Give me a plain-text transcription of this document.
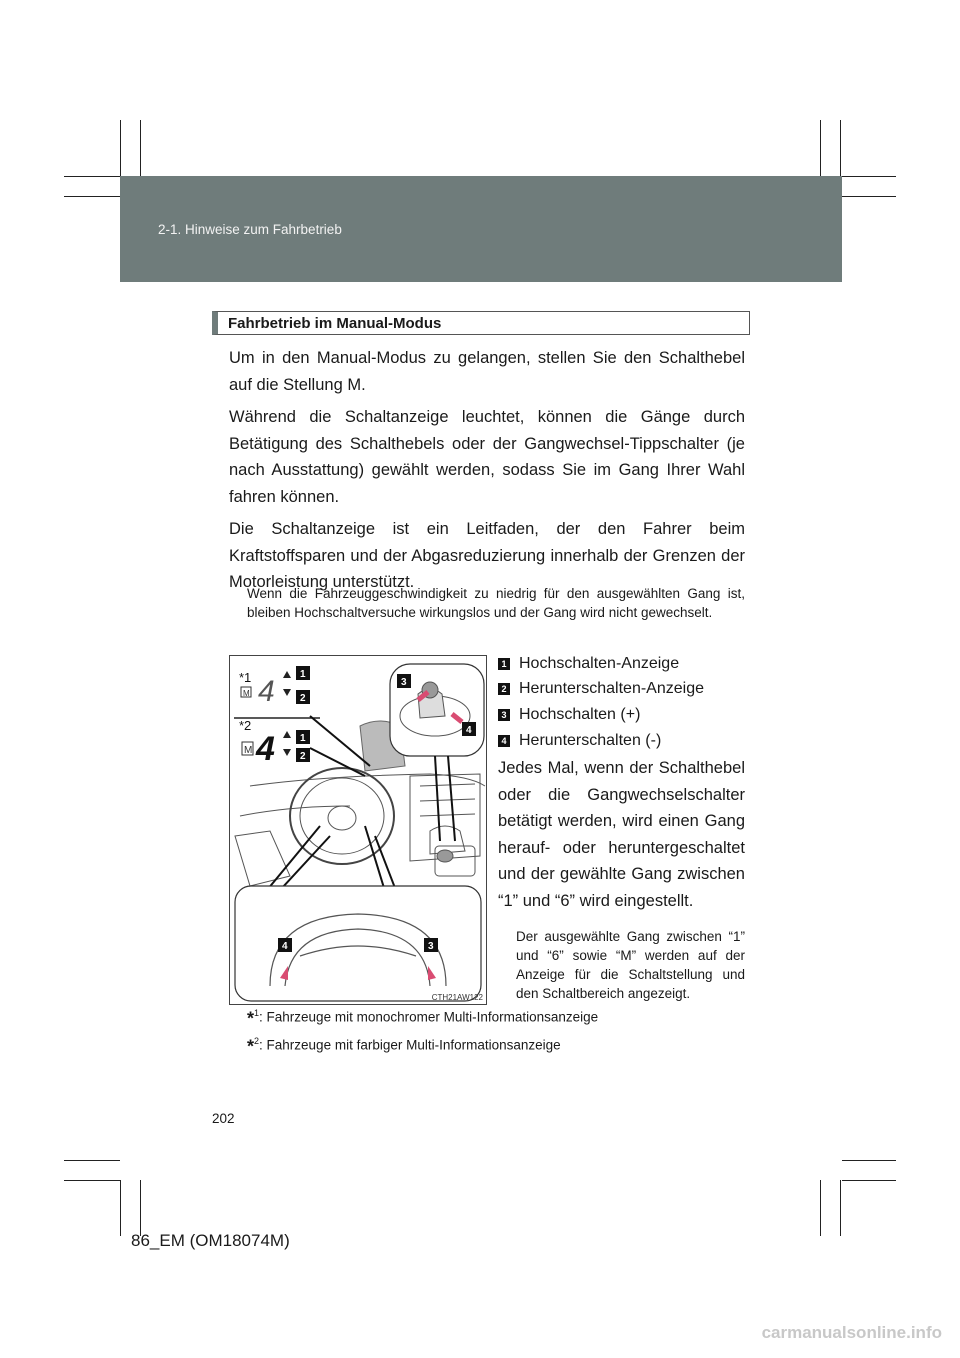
2-1. Hinweise zum Fahrbetrieb
Fahrbetrieb im Manual-Modus

Um in den Manual-Modus zu gelangen, stellen Sie den Schalthebel auf die Stellung M.

Während die Schaltanzeige leuchtet, können die Gänge durch Betätigung des Schalthebels oder der Gangwechsel-Tippschalter (je nach Ausstattung) gewählt werden, sodass Sie im Gang Ihrer Wahl fahren können.

Die Schaltanzeige ist ein Leitfaden, der den Fahrer beim Kraftstoffsparen und der Abgasreduzierung innerhalb der Grenzen der Motorleistung unterstützt.

Wenn die Fahrzeuggeschwindigkeit zu niedrig für den ausgewählten Gang ist, bleiben Hochschaltversuche wirkungslos und der Gang wird nicht gewechselt.

M 4
1
2
M 4	1
2
3
4
4	3
*1
*2
CTH21AW122
1 Hochschalten-Anzeige
2 Herunterschalten-Anzeige
3 Hochschalten (+)
4 Herunterschalten (-)

Jedes Mal, wenn der Schalthebel oder die Gangwechselschalter betätigt werden, wird einen Gang herauf- oder heruntergeschaltet und der gewählte Gang zwischen “1” und “6” wird eingestellt.

Der ausgewählte Gang zwischen “1” und “6” sowie “M” werden auf der Anzeige für die Schaltstellung und den Schaltbereich angezeigt.

*$^1$: Fahrzeuge mit monochromer Multi-Informationsanzeige
*$^2$: Fahrzeuge mit farbiger Multi-Informationsanzeige
202
86_EM (OM18074M)
carmanualsonline.info
